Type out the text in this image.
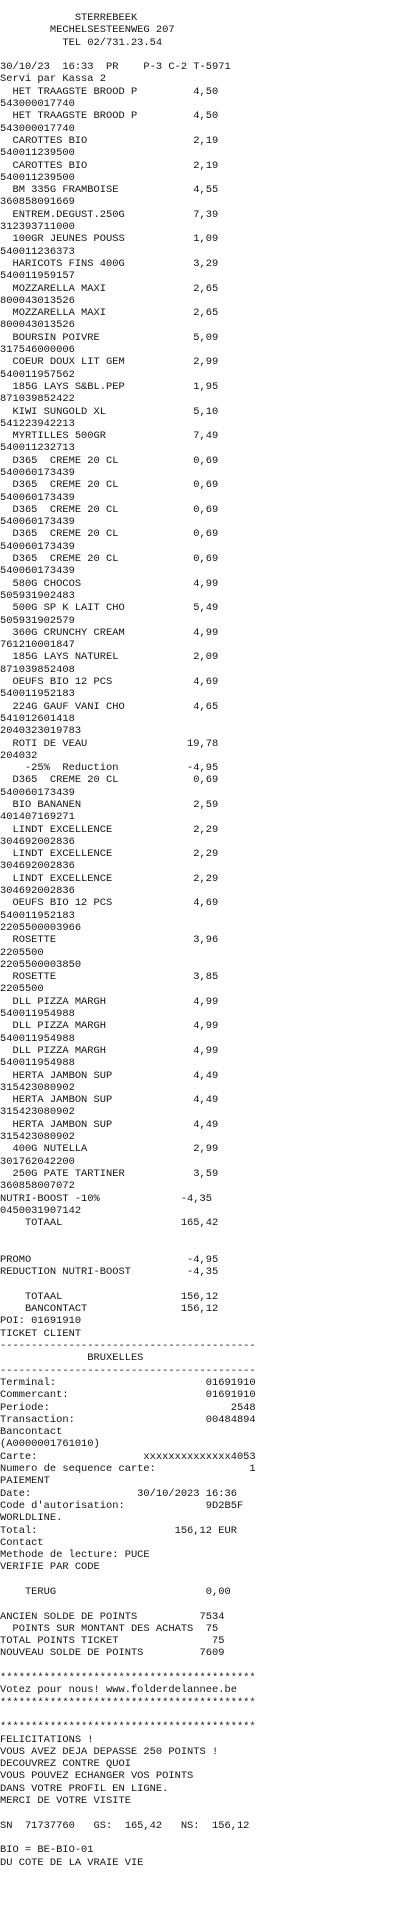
STERREBEEK
MECHELSESTEENWEG 207
TEL 02/731.23.54
30/10/23  16:33  PR    P-3 C-2 T-5971
Servi par Kassa 2
HET TRAAGSTE BROOD P         4,50
543000017740
HET TRAAGSTE BROOD P         4,50
543000017740
CAROTTES BIO                 2,19
540011239500
CAROTTES BIO                 2,19
540011239500
BM 335G FRAMBOISE            4,55
360858091669
ENTREM.DEGUST.250G           7,39
312393711000
100GR JEUNES POUSS           1,09
540011236373
HARICOTS FINS 400G           3,29
540011959157
MOZZARELLA MAXI              2,65
800043013526
MOZZARELLA MAXI              2,65
800043013526
BOURSIN POIVRE               5,09
317546000006
COEUR DOUX LIT GEM           2,99
540011957562
185G LAYS S&BL.PEP           1,95
871039852422
KIWI SUNGOLD XL              5,10
541223942213
MYRTILLES 500GR              7,49
540011232713
D365  CREME 20 CL            0,69
540060173439
D365  CREME 20 CL            0,69
540060173439
D365  CREME 20 CL            0,69
540060173439
D365  CREME 20 CL            0,69
540060173439
D365  CREME 20 CL            0,69
540060173439
580G CHOCOS                  4,99
505931902483
500G SP K LAIT CHO           5,49
505931902579
360G CRUNCHY CREAM           4,99
761210001847
185G LAYS NATUREL            2,09
871039852408
OEUFS BIO 12 PCS             4,69
540011952183
224G GAUF VANI CHO           4,65
541012601418
2040323019783
ROTI DE VEAU                19,78
204032
-25%  Reduction           -4,95
D365  CREME 20 CL            0,69
540060173439
BIO BANANEN                  2,59
401407169271
LINDT EXCELLENCE             2,29
304692002836
LINDT EXCELLENCE             2,29
304692002836
LINDT EXCELLENCE             2,29
304692002836
OEUFS BIO 12 PCS             4,69
540011952183
2205500003966
ROSETTE                      3,96
2205500
2205500003850
ROSETTE                      3,85
2205500
DLL PIZZA MARGH              4,99
540011954988
DLL PIZZA MARGH              4,99
540011954988
DLL PIZZA MARGH              4,99
540011954988
HERTA JAMBON SUP             4,49
315423080902
HERTA JAMBON SUP             4,49
315423080902
HERTA JAMBON SUP             4,49
315423080902
400G NUTELLA                 2,99
301762042200
250G PATE TARTINER           3,59
360858007072
NUTRI-BOOST -10%             -4,35
0450031907142
TOTAAL                   165,42
PROMO                         -4,95
REDUCTION NUTRI-BOOST         -4,35
TOTAAL                   156,12
BANCONTACT               156,12
POI: 01691910
TICKET CLIENT
-----------------------------------------
BRUXELLES
-----------------------------------------
Terminal:                        01691910
Commercant:                      01691910
Periode:                             2548
Transaction:                     00484894
Bancontact
(A0000001761010)
Carte:                 xxxxxxxxxxxxxx4053
Numero de sequence carte:               1
PAIEMENT
Date:                 30/10/2023 16:36
Code d'autorisation:             9D2B5F
WORLDLINE.
Total:                      156,12 EUR
Contact
Methode de lecture: PUCE
VERIFIE PAR CODE
TERUG                        0,00
ANCIEN SOLDE DE POINTS          7534
POINTS SUR MONTANT DES ACHATS  75
TOTAL POINTS TICKET               75
NOUVEAU SOLDE DE POINTS         7609
*****************************************
Votez pour nous! www.folderdelannee.be
*****************************************
*****************************************
FELICITATIONS !
VOUS AVEZ DEJA DEPASSE 250 POINTS !
DECOUVREZ CONTRE QUOI
VOUS POUVEZ ECHANGER VOS POINTS
DANS VOTRE PROFIL EN LIGNE.
MERCI DE VOTRE VISITE
SN  71737760   GS:  165,42   NS:  156,12
BIO = BE-BIO-01
DU COTE DE LA VRAIE VIE
